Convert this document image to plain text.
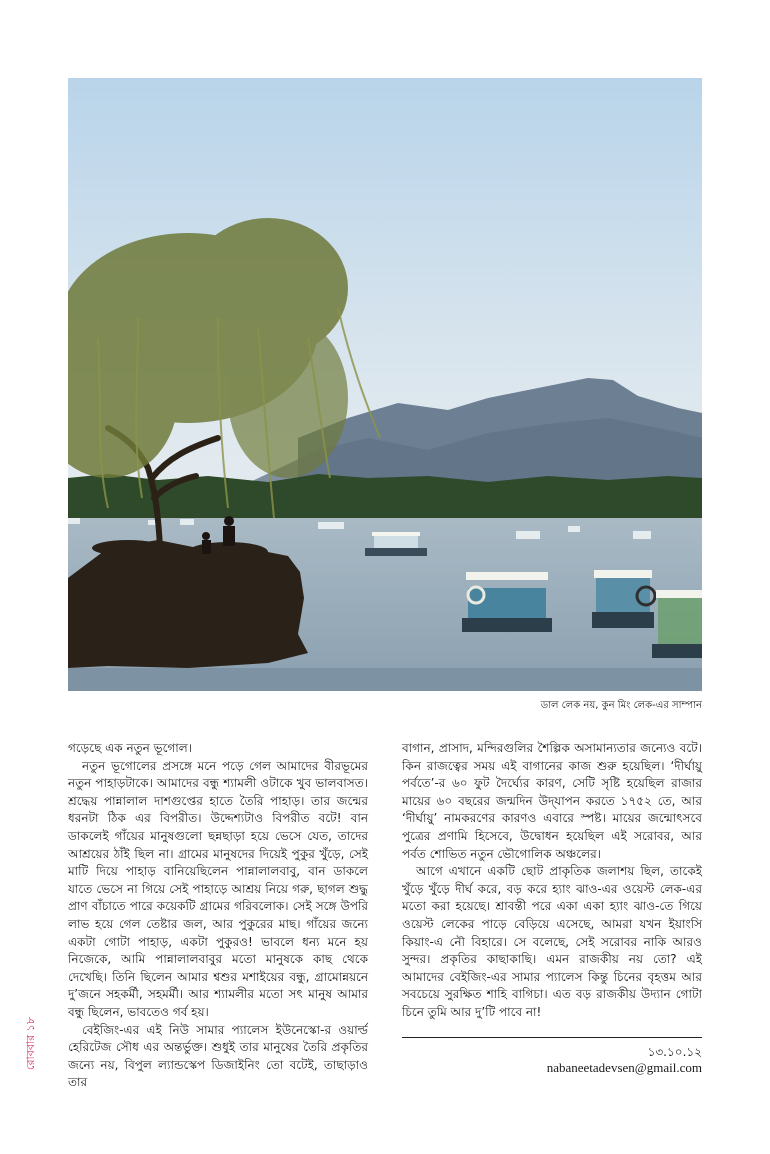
ডাল লেক নয়, কুন মিং লেক-এর সাম্পান

গড়েছে এক নতুন ভূগোল।

নতুন ভূগোলের প্রসঙ্গে মনে পড়ে গেল আমাদের বীরভূমের নতুন পাহাড়টাকে। আমাদের বন্ধু শ্যামলী ওটাকে খুব ভালবাসত। শ্রদ্ধেয় পান্নালাল দাশগুপ্তের হাতে তৈরি পাহাড়। তার জন্মের ধরনটা ঠিক এর বিপরীত। উদ্দেশ্যটাও বিপরীত বটে! বান ডাকলেই গাঁয়ের মানুষগুলো ছন্নছাড়া হয়ে ভেসে যেত, তাদের আশ্রয়ের ঠাঁই ছিল না। গ্রামের মানুষদের দিয়েই পুকুর খুঁড়ে, সেই মাটি দিয়ে পাহাড় বানিয়েছিলেন পান্নালালবাবু, বান ডাকলে যাতে ভেসে না গিয়ে সেই পাহাড়ে আশ্রয় নিয়ে গরু, ছাগল শুদ্ধু প্রাণ বাঁচাতে পারে কয়েকটি গ্রামের গরিবলোক। সেই সঙ্গে উপরি লাভ হয়ে গেল তেষ্টার জল, আর পুকুরের মাছ। গাঁয়ের জন্যে একটা গোটা পাহাড়, একটা পুকুরও! ভাবলে ধন্য মনে হয় নিজেকে, আমি পান্নালালবাবুর মতো মানুষকে কাছ থেকে দেখেছি। তিনি ছিলেন আমার শ্বশুর মশাইয়ের বন্ধু, গ্রামোন্নয়নে দু’জনে সহকর্মী, সহমর্মী। আর শ্যামলীর মতো সৎ মানুষ আমার বন্ধু ছিলেন, ভাবতেও গর্ব হয়।

বেইজিং-এর এই নিউ সামার প্যালেস ইউনেস্কো-র ওয়ার্ল্ড হেরিটেজ সৌধ এর অন্তর্ভুক্ত। শুধুই তার মানুষের তৈরি প্রকৃতির জন্যে নয়, বিপুল ল্যান্ডস্কেপ ডিজাইনিং তো বটেই, তাছাড়াও তার

বাগান, প্রাসাদ, মন্দিরগুলির শৈল্পিক অসামান্যতার জন্যেও বটে। কিন রাজত্বের সময় এই বাগানের কাজ শুরু হয়েছিল। ‘দীর্ঘায়ু পর্বতে’-র ৬০ ফুট দৈর্ঘ্যের কারণ, সেটি সৃষ্টি হয়েছিল রাজার মায়ের ৬০ বছরের জন্মদিন উদ্‌যাপন করতে ১৭৫২ তে, আর ‘দীর্ঘায়ু’ নামকরণের কারণও এবারে স্পষ্ট। মায়ের জন্মোৎসবে পুত্রের প্রণামি হিসেবে, উদ্বোধন হয়েছিল এই সরোবর, আর পর্বত শোভিত নতুন ভৌগোলিক অঞ্চলের।

আগে এখানে একটি ছোট প্রাকৃতিক জলাশয় ছিল, তাকেই খুঁড়ে খুঁড়ে দীর্ঘ করে, বড় করে হ্যাং ঝাও-এর ওয়েস্ট লেক-এর মতো করা হয়েছে। শ্রাবন্তী পরে একা একা হ্যাং ঝাও-তে গিয়ে ওয়েস্ট লেকের পাড়ে বেড়িয়ে এসেছে, আমরা যখন ইয়াংসি কিয়াং-এ নৌ বিহারে। সে বলেছে, সেই সরোবর নাকি আরও সুন্দর। প্রকৃতির কাছাকাছি। এমন রাজকীয় নয় তো? এই আমাদের বেইজিং-এর সামার প্যালেস কিন্তু চিনের বৃহত্তম আর সবচেয়ে সুরক্ষিত শাহি বাগিচা। এত বড় রাজকীয় উদ্যান গোটা চিনে তুমি আর দু’টি পাবে না!

১৩.১০.১২
nabaneetadevsen@gmail.com
রোববার ১৮
